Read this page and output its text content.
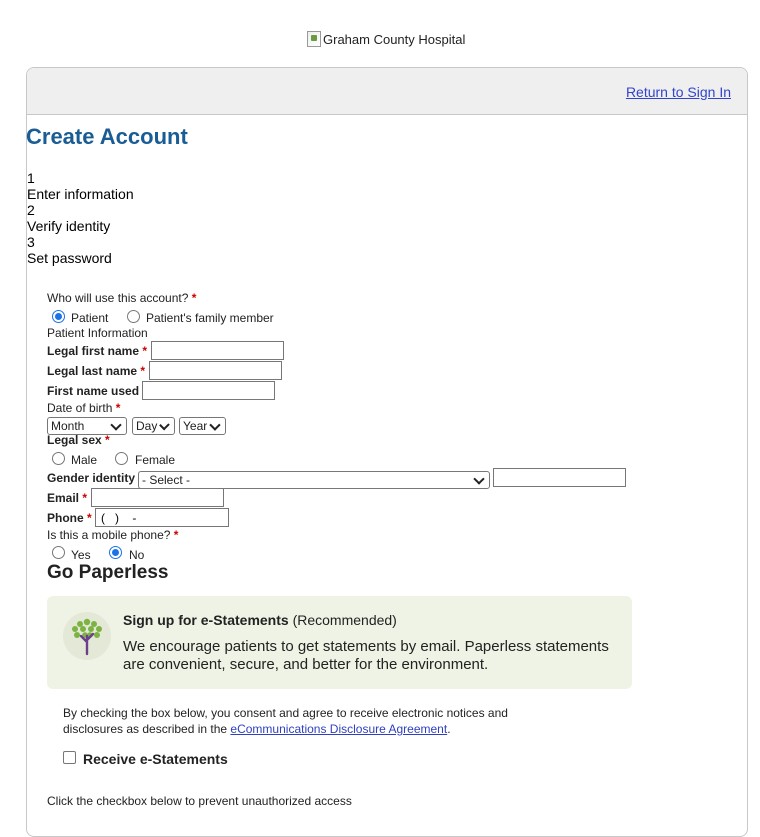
Graham County Hospital
Return to Sign In
Create Account
1
Enter information
2
Verify identity
3
Set password
Who will use this account? *
Patient	Patient's family member
Patient Information
Legal first name *
Legal last name *
First name used
Date of birth *
Month	Day Year
Legal sex *
Male	Female
Gender identity - Select -
Email *
Phone *
( ) -
Is this a mobile phone? *
Yes	No
Go Paperless
Sign up for e-Statements (Recommended)
We encourage patients to get statements by email. Paperless statements are convenient, secure, and better for the environment.
By checking the box below, you consent and agree to receive electronic notices and disclosures as described in the eCommunications Disclosure Agreement.
Receive e-Statements
Click the checkbox below to prevent unauthorized access
